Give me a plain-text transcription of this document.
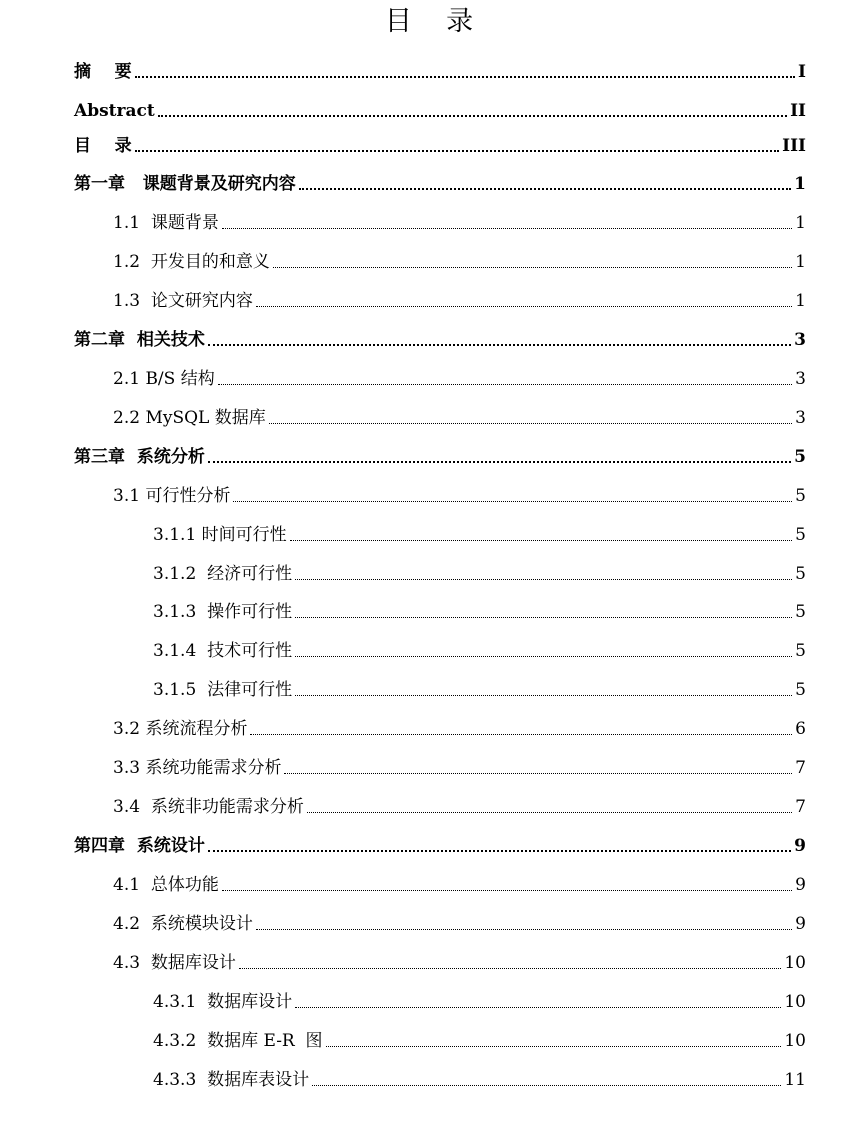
目    录
摘    要	I
Abstract	II
目    录	III
第一章   课题背景及研究内容	1
1.1  课题背景	1
1.2  开发目的和意义	1
1.3  论文研究内容	1
第二章  相关技术	3
2.1 B/S 结构	3
2.2 MySQL 数据库	3
第三章  系统分析	5
3.1 可行性分析	5
3.1.1 时间可行性	5
3.1.2  经济可行性	5
3.1.3  操作可行性	5
3.1.4  技术可行性	5
3.1.5  法律可行性	5
3.2 系统流程分析	6
3.3 系统功能需求分析	7
3.4  系统非功能需求分析	7
第四章  系统设计	9
4.1  总体功能	9
4.2  系统模块设计	9
4.3  数据库设计	10
4.3.1  数据库设计	10
4.3.2  数据库 E-R  图	10
4.3.3  数据库表设计	11
